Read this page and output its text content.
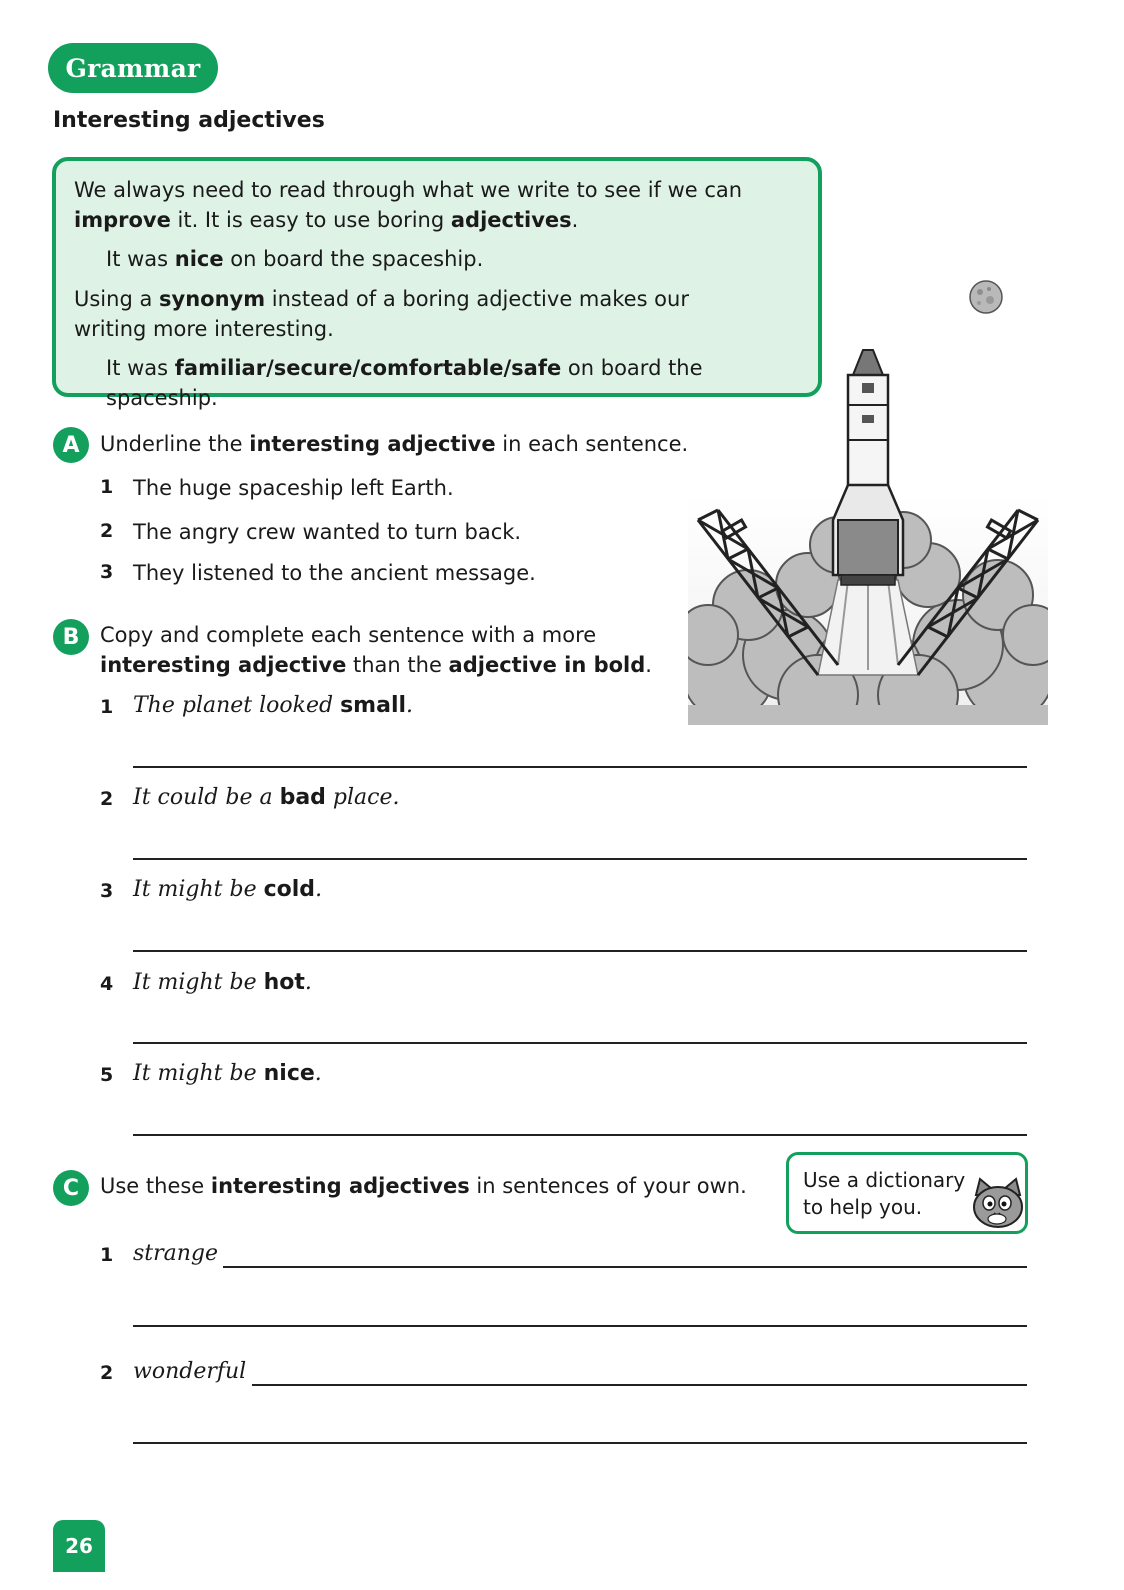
Grammar
Interesting adjectives

We always need to read through what we write to see if we can improve it. It is easy to use boring adjectives.

It was nice on board the spaceship.

Using a synonym instead of a boring adjective makes our writing more interesting.

It was familiar/secure/comfortable/safe on board the spaceship.

A Underline the interesting adjective in each sentence.
1 The huge spaceship left Earth.
2 The angry crew wanted to turn back.
3 They listened to the ancient message.
B Copy and complete each sentence with a more
interesting adjective than the adjective in bold.
1 The planet looked small.
2 It could be a bad place.
3 It might be cold.
4 It might be hot.
5 It might be nice.
C Use these interesting adjectives in sentences of your own.	Use a dictionary
to help you.
1 strange
2 wonderful
26
